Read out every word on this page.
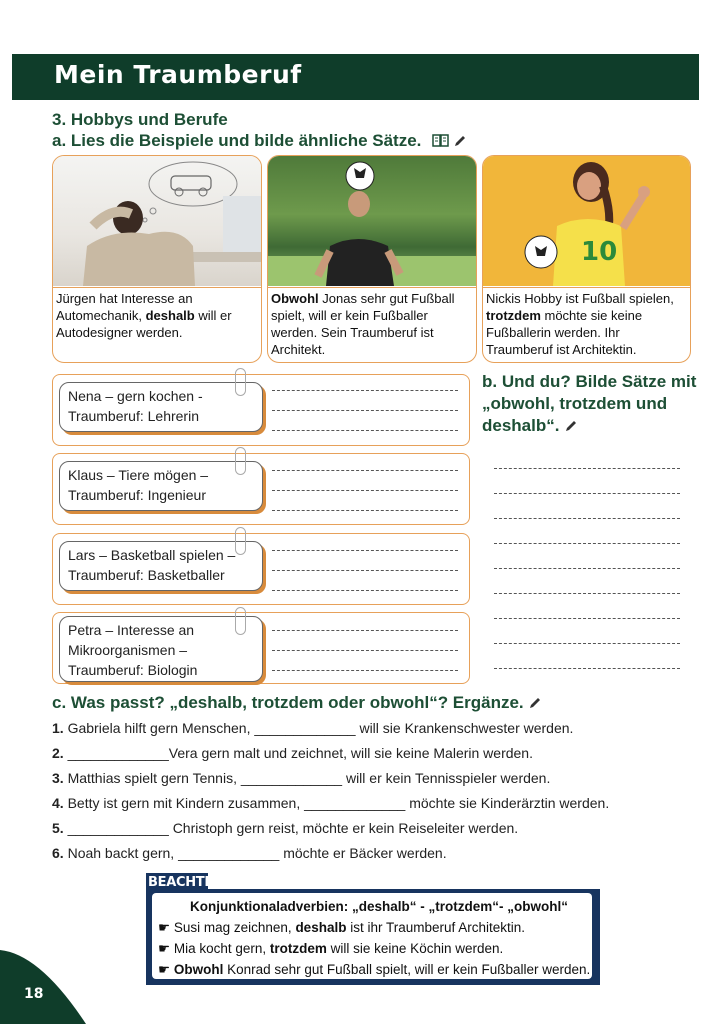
Mein Traumberuf
3. Hobbys und Berufe
a. Lies die Beispiele und bilde ähnliche Sätze.
Jürgen hat Interesse an Automechanik, deshalb will er Autodesigner werden.
Obwohl Jonas sehr gut Fußball spielt, will er kein Fußballer werden. Sein Traumberuf ist Architekt.
10
Nickis Hobby ist Fußball spielen, trotzdem möchte sie keine Fußballerin werden. Ihr Traumberuf ist Architektin.
Nena – gern kochen - Traumberuf: Lehrerin
Klaus – Tiere mögen – Traumberuf: Ingenieur
Lars – Basketball spielen – Traumberuf: Basketballer
Petra – Interesse an Mikroorganismen – Traumberuf: Biologin
b. Und du? Bilde Sätze mit „obwohl, trotzdem und deshalb“.
c. Was passt? „deshalb, trotzdem oder obwohl“? Ergänze.
1. Gabriela hilft gern Menschen, _____________ will sie Krankenschwester werden.
2. _____________Vera gern malt und zeichnet, will sie keine Malerin werden.
3. Matthias spielt gern Tennis, _____________ will er kein Tennisspieler werden.
4. Betty ist gern mit Kindern zusammen, _____________ möchte sie Kinderärztin werden.
5. _____________ Christoph gern reist, möchte er kein Reiseleiter werden.
6. Noah backt gern, _____________ möchte er Bäcker werden.
BEACHTE
Konjunktionaladverbien: „deshalb“ - „trotzdem“- „obwohl“
☛ Susi mag zeichnen, deshalb ist ihr Traumberuf Architektin.
☛ Mia kocht gern, trotzdem will sie keine Köchin werden.
☛ Obwohl Konrad sehr gut Fußball spielt, will er kein Fußballer werden.
18
